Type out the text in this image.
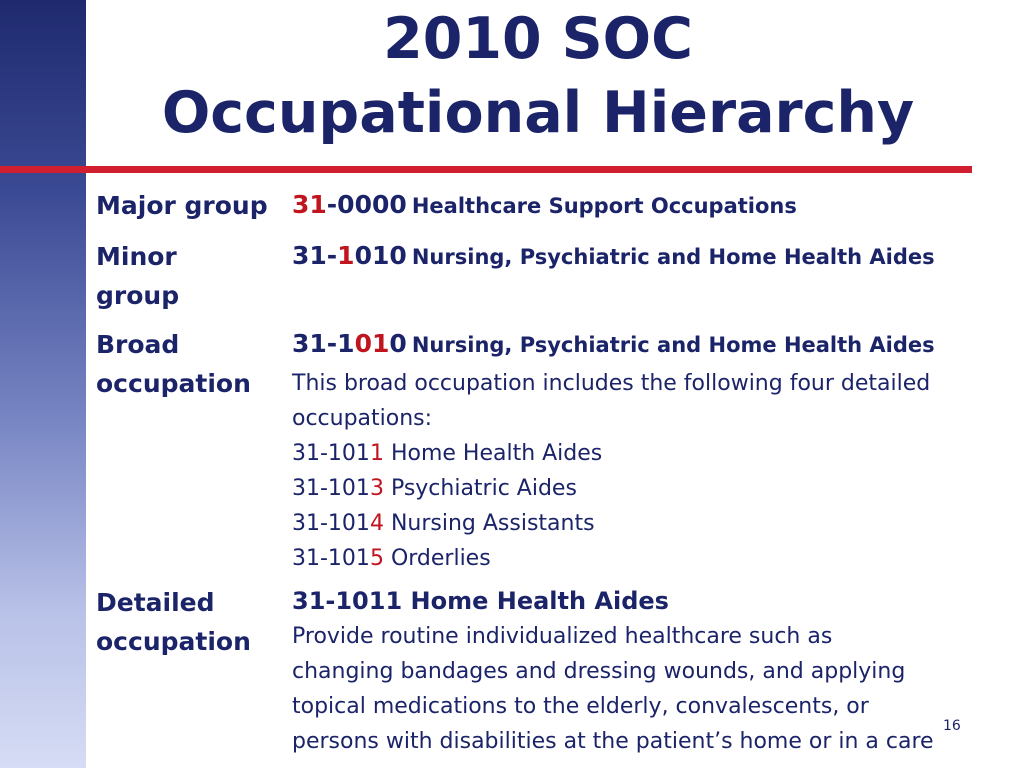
2010 SOC
Occupational Hierarchy
Major group 31-0000 Healthcare Support Occupations
Minor
group
31-1010 Nursing, Psychiatric and Home Health Aides
Broad
occupation
31-1010 Nursing, Psychiatric and Home Health Aides
This broad occupation includes the following four detailed
occupations:
31-1011 Home Health Aides
31-1013 Psychiatric Aides
31-1014 Nursing Assistants
31-1015 Orderlies
Detailed
occupation
31-1011 Home Health Aides
Provide routine individualized healthcare such as
changing bandages and dressing wounds, and applying
topical medications to the elderly, convalescents, or
persons with disabilities at the patient’s home or in a care
16
